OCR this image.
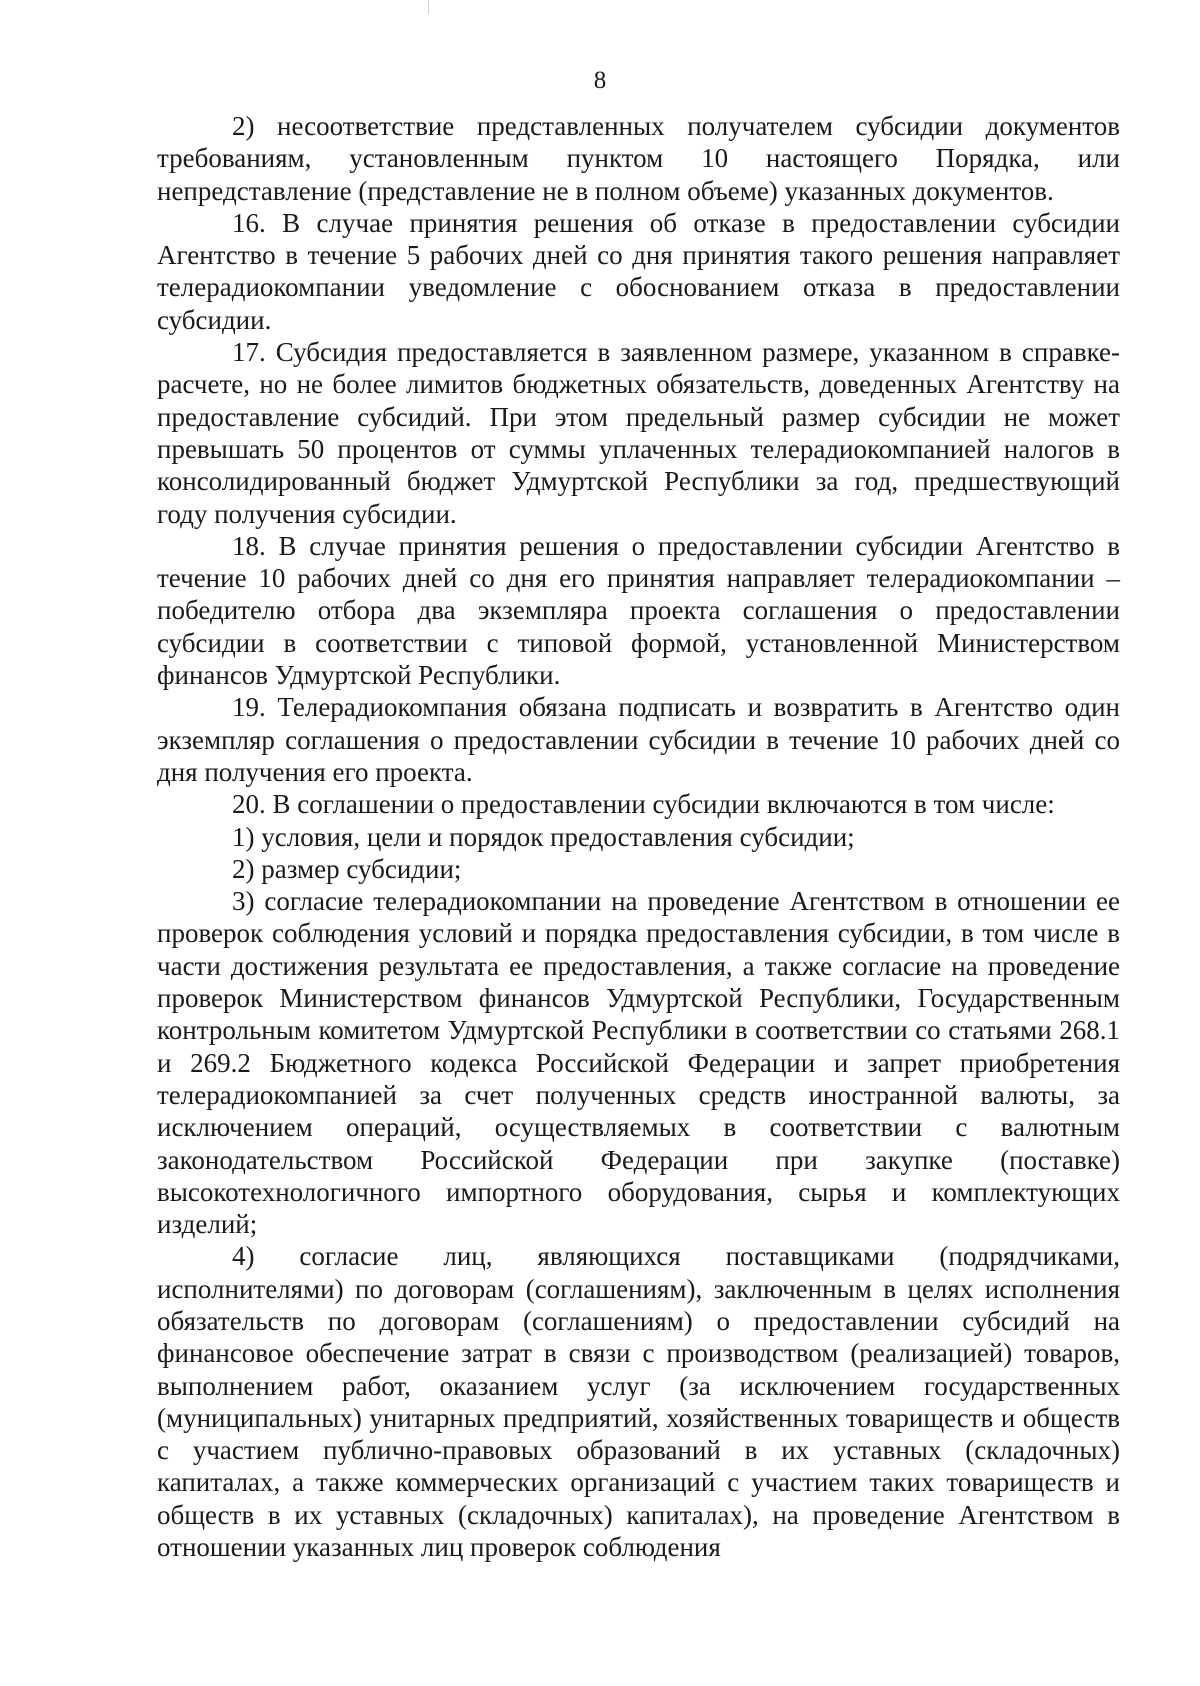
8

2) несоответствие представленных получателем субсидии документов требованиям, установленным пунктом 10 настоящего Порядка, или непредставление (представление не в полном объеме) указанных документов.

16. В случае принятия решения об отказе в предоставлении субсидии Агентство в течение 5 рабочих дней со дня принятия такого решения направляет телерадиокомпании уведомление с обоснованием отказа в предоставлении субсидии.

17. Субсидия предоставляется в заявленном размере, указанном в справке-расчете, но не более лимитов бюджетных обязательств, доведенных Агентству на предоставление субсидий. При этом предельный размер субсидии не может превышать 50 процентов от суммы уплаченных телерадиокомпанией налогов в консолидированный бюджет Удмуртской Республики за год, предшествующий году получения субсидии.

18. В случае принятия решения о предоставлении субсидии Агентство в течение 10 рабочих дней со дня его принятия направляет телерадиокомпании – победителю отбора два экземпляра проекта соглашения о предоставлении субсидии в соответствии с типовой формой, установленной Министерством финансов Удмуртской Республики.

19. Телерадиокомпания обязана подписать и возвратить в Агентство один экземпляр соглашения о предоставлении субсидии в течение 10 рабочих дней со дня получения его проекта.

20. В соглашении о предоставлении субсидии включаются в том числе:

1) условия, цели и порядок предоставления субсидии;

2) размер субсидии;

3) согласие телерадиокомпании на проведение Агентством в отношении ее проверок соблюдения условий и порядка предоставления субсидии, в том числе в части достижения результата ее предоставления, а также согласие на проведение проверок Министерством финансов Удмуртской Республики, Государственным контрольным комитетом Удмуртской Республики в соответствии со статьями 268.1 и 269.2 Бюджетного кодекса Российской Федерации и запрет приобретения телерадиокомпанией за счет полученных средств иностранной валюты, за исключением операций, осуществляемых в соответствии с валютным законодательством Российской Федерации при закупке (поставке) высокотехнологичного импортного оборудования, сырья и комплектующих изделий;

4) согласие лиц, являющихся поставщиками (подрядчиками, исполнителями) по договорам (соглашениям), заключенным в целях исполнения обязательств по договорам (соглашениям) о предоставлении субсидий на финансовое обеспечение затрат в связи с производством (реализацией) товаров, выполнением работ, оказанием услуг (за исключением государственных (муниципальных) унитарных предприятий, хозяйственных товариществ и обществ с участием публично-правовых образований в их уставных (складочных) капиталах, а также коммерческих организаций с участием таких товариществ и обществ в их уставных (складочных) капиталах), на проведение Агентством в отношении указанных лиц проверок соблюдения
